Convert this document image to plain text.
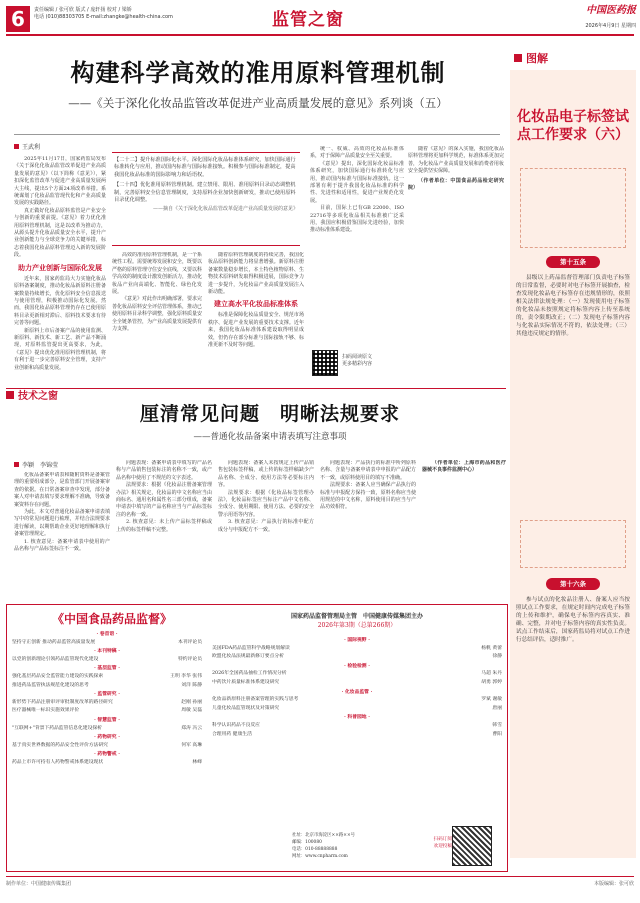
6	责任编辑 / 张可欣 版式 / 庞轩扬 校对 / 梁娇
电话 (010)88303705 E-mail:zhangke@health-china.com	监管之窗	中国医药报
2026年4月9日 星期四
构建科学高效的准用原料管理机制
——《关于深化化妆品监管改革促进产业高质量发展的意见》系列谈（五）
王武利

2025年11月17日，国家药监局发布《关于深化化妆品监管改革促进产业高质量发展的意见》（以下简称《意见》），紧扣深化监管改革与促进产业高质量发展两大主线，提出5个方面24项改革举措。系统谋划了化妆品监管现代化和产业高质量发展的实践路径。

真正做好化妆品原料监管是产业安全与创新的重要前提。《意见》着力优化准用原料管理机制，这是以改革为推动力，从源头提升化妆品质量安全水平，提升产业创新能力与全球竞争力的关键举措，标志着我国化妆品原料管理迈入新的发展阶段。

助力产业创新与国际化发展

近年来，国家药监局大力实施化妆品原料备案制度，推动化妆品新原料注册备案数量持续增长，优化原料安全信息报送与使用管理，积极推动国际化发展。然而，我国化妆品原料管理仍存在已使用原料目录更新相对滞后、原料技术要求有待完善等问题。

新原料上市后备案产品的使用监测、新原料、新技术、新工艺、新产品不断涌现，对原料监管提出更高要求，为此，《意见》提出优化准用原料管理机制，将有利于进一步完善原料安全管理，支持产业创新和高质量发展。

【二十二】提升标准国际化水平。深化国际化妆品标准体系研究，加快国际通行标准转化与应用，推动国内标准与国际标准接轨。积极参与国际标准制定，提高我国化妆品标准的国际影响力和话语权。
【二十四】优化准用原料管理机制。建立禁用、限用、准用原料目录动态调整机制，完善原料安全信息管理制度，支持原料企业加快创新研发，推动已使用原料目录优化调整。
——摘自《关于深化化妆品监管改革促进产业高质量发展的意见》

高效的准用原料管理机制，是一个系统性工程。需要统筹发展和安全，既要以严格的原料管理守住安全底线，又要以科学高效的制度设计激发创新活力，推动化妆品产业向高端化、智能化、绿色化发展。

《意见》对此作出明确部署，要求完善化妆品原料安全评估管理体系，推动已使用原料目录科学调整，强化原料质量安全全链条管控，为产业高质量发展提供有力支撑。

随着原料管理制度的持续完善，我国化妆品原料创新能力将显著增强。新原料注册备案数量稳步增长，本土特色植物原料、生物技术原料研发取得积极进展，国际竞争力进一步提升，为化妆品产业高质量发展注入新动能。

建立高水平化妆品标准体系

标准是保障化妆品质量安全、规范市场秩序、促进产业发展的重要技术支撑。近年来，我国化妆品标准体系建设取得明显成效，但仍存在部分标准与国际接轨不够、标准更新不及时等问题。

统一、权威、高效的化妆品标准体系，对于保障产品质量安全至关重要。

《意见》提出，深化国际化妆品标准体系研究，加快国际通行标准转化与应用，推动国内标准与国际标准接轨。这一部署有利于提升我国化妆品标准的科学性、先进性和适用性，促进产业规范化发展。

目前，国际上已有GB 22000、ISO 22716等多项化妆品相关标准被广泛采用，我国应积极借鉴国际先进经验，加快推动标准体系建设。

随着《意见》的深入实施，我国化妆品原料管理将更加科学规范，标准体系更加完善，为化妆品产业高质量发展和消费者用妆安全提供坚实保障。

（作者单位：中国食品药品检定研究院）

扫码阅读原文
更多精彩内容
图解
化妆品电子标签试点工作要求（六）
第十五条

县级以上药品监督管理部门负责电子标签的日常监督，必要时对电子标签开展抽查，检查发现化妆品电子标签存在违规情形的，依照相关法律法规处理：（一）发现使用电子标签的化妆品未按照规定将标签内容上传至系统的，责令限期改正；（二）发现电子标签内容与化妆品实际情况不符的，依法处理；（三）其他违反规定的情形。

第十六条

参与试点的化妆品注册人、备案人应当按照试点工作要求，在规定时间内完成电子标签的上传和维护，确保电子标签内容真实、准确、完整，并对电子标签内容的真实性负责。试点工作结束后，国家药监局将对试点工作进行总结评估，适时推广。

技术之窗
厘清常见问题　明晰法规要求
——普通化妆品备案申请表填写注意事项
李颖　李锦莹

化妆品备案申请表和随附资料是备案管理的重要组成部分，是监管部门开展备案审查的依据。在日常备案审查中发现，部分备案人对申请表填写要求理解不准确，导致备案资料存在问题。

为此，本文对普通化妆品备案申请表填写中的常见问题进行梳理，并结合法规要求进行解读，以期帮助企业更好地理解和执行备案管理规定。

1. 核查意见：备案申请表中使用的产品名称与产品标签标注不一致。

问题表现：备案申请表中填写的产品名称与产品销售包装标注的名称不一致，或产品名称中使用了不规范的文字表述。

法规要求：根据《化妆品注册备案管理办法》相关规定，化妆品的中文名称应当由商标名、通用名和属性名三部分组成，备案申请表中填写的产品名称应当与产品标签标注的名称一致。

2. 核查意见：未上传产品标签样稿或上传的标签样稿不完整。

问题表现：备案人未按规定上传产品销售包装标签样稿，或上传的标签样稿缺少产品名称、全成分、使用方法等必要标注内容。

法规要求：根据《化妆品标签管理办法》，化妆品标签应当标注产品中文名称、全成分、使用期限、使用方法、必要的安全警示用语等内容。

3. 核查意见：产品执行的标准中配方成分与申报配方不一致。

问题表现：产品执行的标准中所列原料名称、含量与备案申请表中申报的产品配方不一致，或原料使用目的填写不准确。

法规要求：备案人应当确保产品执行的标准与申报配方保持一致，原料名称应当使用规范的中文名称，原料使用目的应当与产品功效相符。

（作者单位：上海市药品和医疗器械不良事件监测中心）

《中国食品药品监督》
· 卷首语 ·
坚持守正创新 推动药品监管高质量发展	本刊评论员
· 本刊特稿 ·
以党的创新理论引领药品监管现代化建设	特约评论员
· 基层监管 ·
强化基层药品安全监管能力建设的实践探索	王明 李华 张伟
推进药品监管执法规范化建设的思考	刘洋 陈静
· 监管研究 ·
新形势下药品注册审评审批制度改革的路径研究	赵刚 孙丽
医疗器械唯一标识实施效果评价	周敏 吴磊
· 智慧监管 ·
"互联网+"背景下药品监管信息化建设探析	郑涛 冯云
· 药物研究 ·
基于真实世界数据的药品安全性评价方法研究	何军 高琳
· 药物警戒 ·
药品上市许可持有人药物警戒体系建设现状	林峰
国家药品监督管理局主管　中国健康传媒集团主办
2026年第3期（总第266期）
· 国际视野 ·
美国FDA药品监管科学战略规划解读	杨帆 黄蕾
欧盟化妆品法规最新修订要点分析	徐静
· 检验检测 ·
2026年全国药品抽检工作情况分析	马超 朱丹
中药饮片质量标准体系建设研究	胡勇 郭婷
· 化妆品监管 ·
化妆品新原料注册备案管理的实践与思考	罗斌 谢敏
儿童化妆品监管现状及对策研究	唐丽
· 科普园地 ·
科学认识药品不良反应	韩雪
合理用药 健康生活	曹阳
社址：北京市海淀区××路××号
邮编：100080
电话：010-88888888
网址：www.cnpharm.com
扫码订阅
欢迎投稿
制作单位：中国健康传媒集团	本版编辑：张可欣
